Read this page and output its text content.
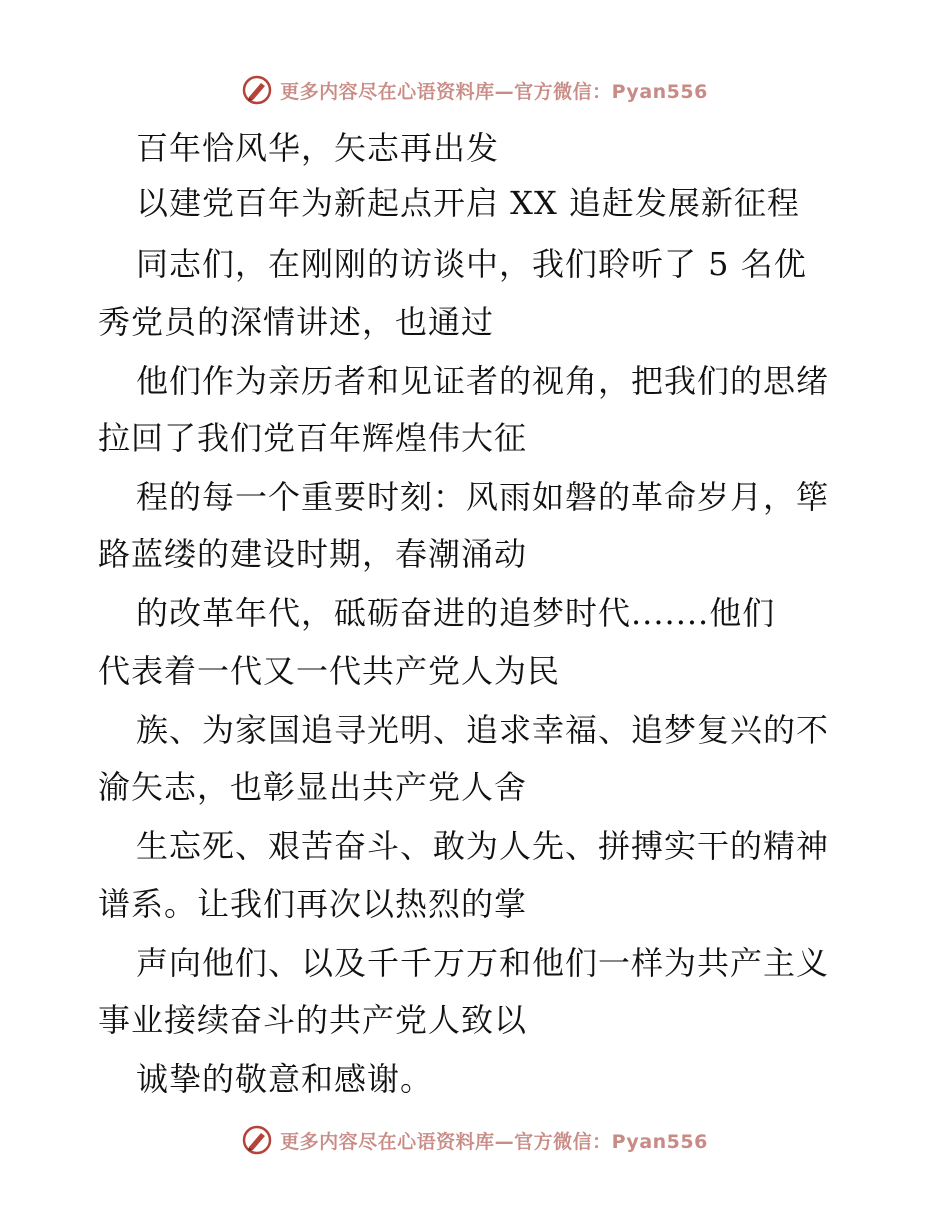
更多内容尽在心语资料库—官方微信：Pyan556
百年恰风华，矢志再出发
以建党百年为新起点开启 XX 追赶发展新征程
同志们，在刚刚的访谈中，我们聆听了 5 名优
秀党员的深情讲述，也通过
他们作为亲历者和见证者的视角，把我们的思绪
拉回了我们党百年辉煌伟大征
程的每一个重要时刻：风雨如磐的革命岁月，筚
路蓝缕的建设时期，春潮涌动
的改革年代，砥砺奋进的追梦时代.......他们
代表着一代又一代共产党人为民
族、为家国追寻光明、追求幸福、追梦复兴的不
渝矢志，也彰显出共产党人舍
生忘死、艰苦奋斗、敢为人先、拼搏实干的精神
谱系。让我们再次以热烈的掌
声向他们、以及千千万万和他们一样为共产主义
事业接续奋斗的共产党人致以
诚挚的敬意和感谢。
更多内容尽在心语资料库—官方微信：Pyan556
